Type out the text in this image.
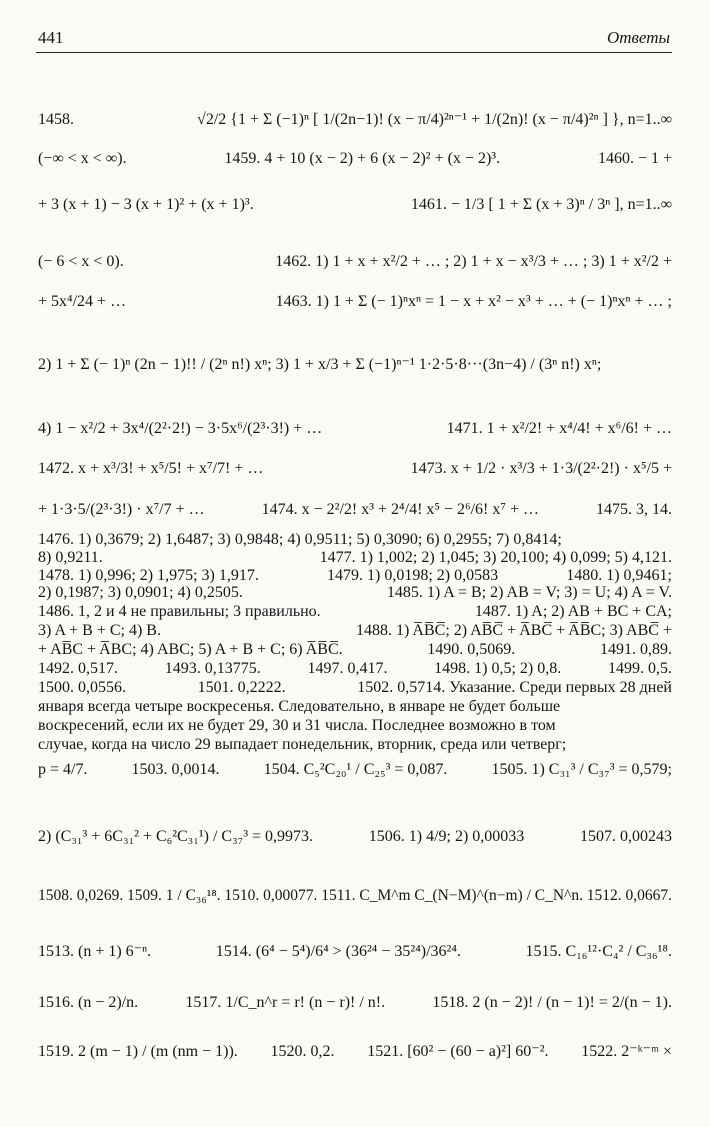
441	Ответы
1458.	√2/2 {1 + Σ (−1)ⁿ [ 1/(2n−1)! (x − π/4)²ⁿ⁻¹ + 1/(2n)! (x − π/4)²ⁿ ] }, n=1..∞
(−∞ < x < ∞).	1459. 4 + 10 (x − 2) + 6 (x − 2)² + (x − 2)³.	1460. − 1 +
+ 3 (x + 1) − 3 (x + 1)² + (x + 1)³.	1461. − 1/3 [ 1 + Σ (x + 3)ⁿ / 3ⁿ ], n=1..∞
(− 6 < x < 0).	1462. 1) 1 + x + x²/2 + … ; 2) 1 + x − x³/3 + … ; 3) 1 + x²/2 +
+ 5x⁴/24 + …	1463. 1) 1 + Σ (− 1)ⁿxⁿ = 1 − x + x² − x³ + … + (− 1)ⁿxⁿ + … ;
2) 1 + Σ (− 1)ⁿ (2n − 1)!! / (2ⁿ n!) xⁿ; 3) 1 + x/3 + Σ (−1)ⁿ⁻¹ 1·2·5·8···(3n−4) / (3ⁿ n!) xⁿ;
4) 1 − x²/2 + 3x⁴/(2²·2!) − 3·5x⁶/(2³·3!) + …	1471. 1 + x²/2! + x⁴/4! + x⁶/6! + …
1472. x + x³/3! + x⁵/5! + x⁷/7! + …	1473. x + 1/2 · x³/3 + 1·3/(2²·2!) · x⁵/5 +
+ 1·3·5/(2³·3!) · x⁷/7 + …	1474. x − 2²/2! x³ + 2⁴/4! x⁵ − 2⁶/6! x⁷ + …	1475. 3, 14.
1476. 1) 0,3679; 2) 1,6487; 3) 0,9848; 4) 0,9511; 5) 0,3090; 6) 0,2955; 7) 0,8414;
8) 0,9211.	1477. 1) 1,002; 2) 1,045; 3) 20,100; 4) 0,099; 5) 4,121.
1478. 1) 0,996; 2) 1,975; 3) 1,917.	1479. 1) 0,0198; 2) 0,0583	1480. 1) 0,9461;
2) 0,1987; 3) 0,0901; 4) 0,2505.	1485. 1) A = B; 2) AB = V; 3) = U; 4) A = V.
1486. 1, 2 и 4 не правильны; 3 правильно.	1487. 1) A; 2) AB + BC + CA;
3) A + B + C; 4) B.	1488. 1) A̅B̅C̅; 2) AB̅C̅ + A̅BC̅ + A̅B̅C; 3) ABC̅ +
+ AB̅C + A̅BC; 4) ABC; 5) A + B + C; 6) A̅B̅C̅.	1490. 0,5069.	1491. 0,89.
1492. 0,517.	1493. 0,13775.	1497. 0,417.	1498. 1) 0,5; 2) 0,8.	1499. 0,5.
1500. 0,0556.	1501. 0,2222.	1502. 0,5714. Указание. Среди первых 28 дней
января всегда четыре воскресенья. Следовательно, в январе не будет больше
воскресений, если их не будет 29, 30 и 31 числа. Последнее возможно в том
случае, когда на число 29 выпадает понедельник, вторник, среда или четверг;
p = 4/7.	1503. 0,0014.	1504. C₅²C₂₀¹ / C₂₅³ = 0,087.	1505. 1) C₃₁³ / C₃₇³ = 0,579;
2) (C₃₁³ + 6C₃₁² + C₆²C₃₁¹) / C₃₇³ = 0,9973.	1506. 1) 4/9; 2) 0,00033	1507. 0,00243
1508. 0,0269. 1509. 1 / C₃₆¹⁸. 1510. 0,00077. 1511. C_M^m C_(N−M)^(n−m) / C_N^n. 1512. 0,0667.
1513. (n + 1) 6⁻ⁿ.	1514. (6⁴ − 5⁴)/6⁴ > (36²⁴ − 35²⁴)/36²⁴.	1515. C₁₆¹²·C₄² / C₃₆¹⁸.
1516. (n − 2)/n.	1517. 1/C_n^r = r! (n − r)! / n!.	1518. 2 (n − 2)! / (n − 1)! = 2/(n − 1).
1519. 2 (m − 1) / (m (nm − 1)). 1520. 0,2. 1521. [60² − (60 − a)²] 60⁻². 1522. 2⁻ᵏ⁻ᵐ ×
